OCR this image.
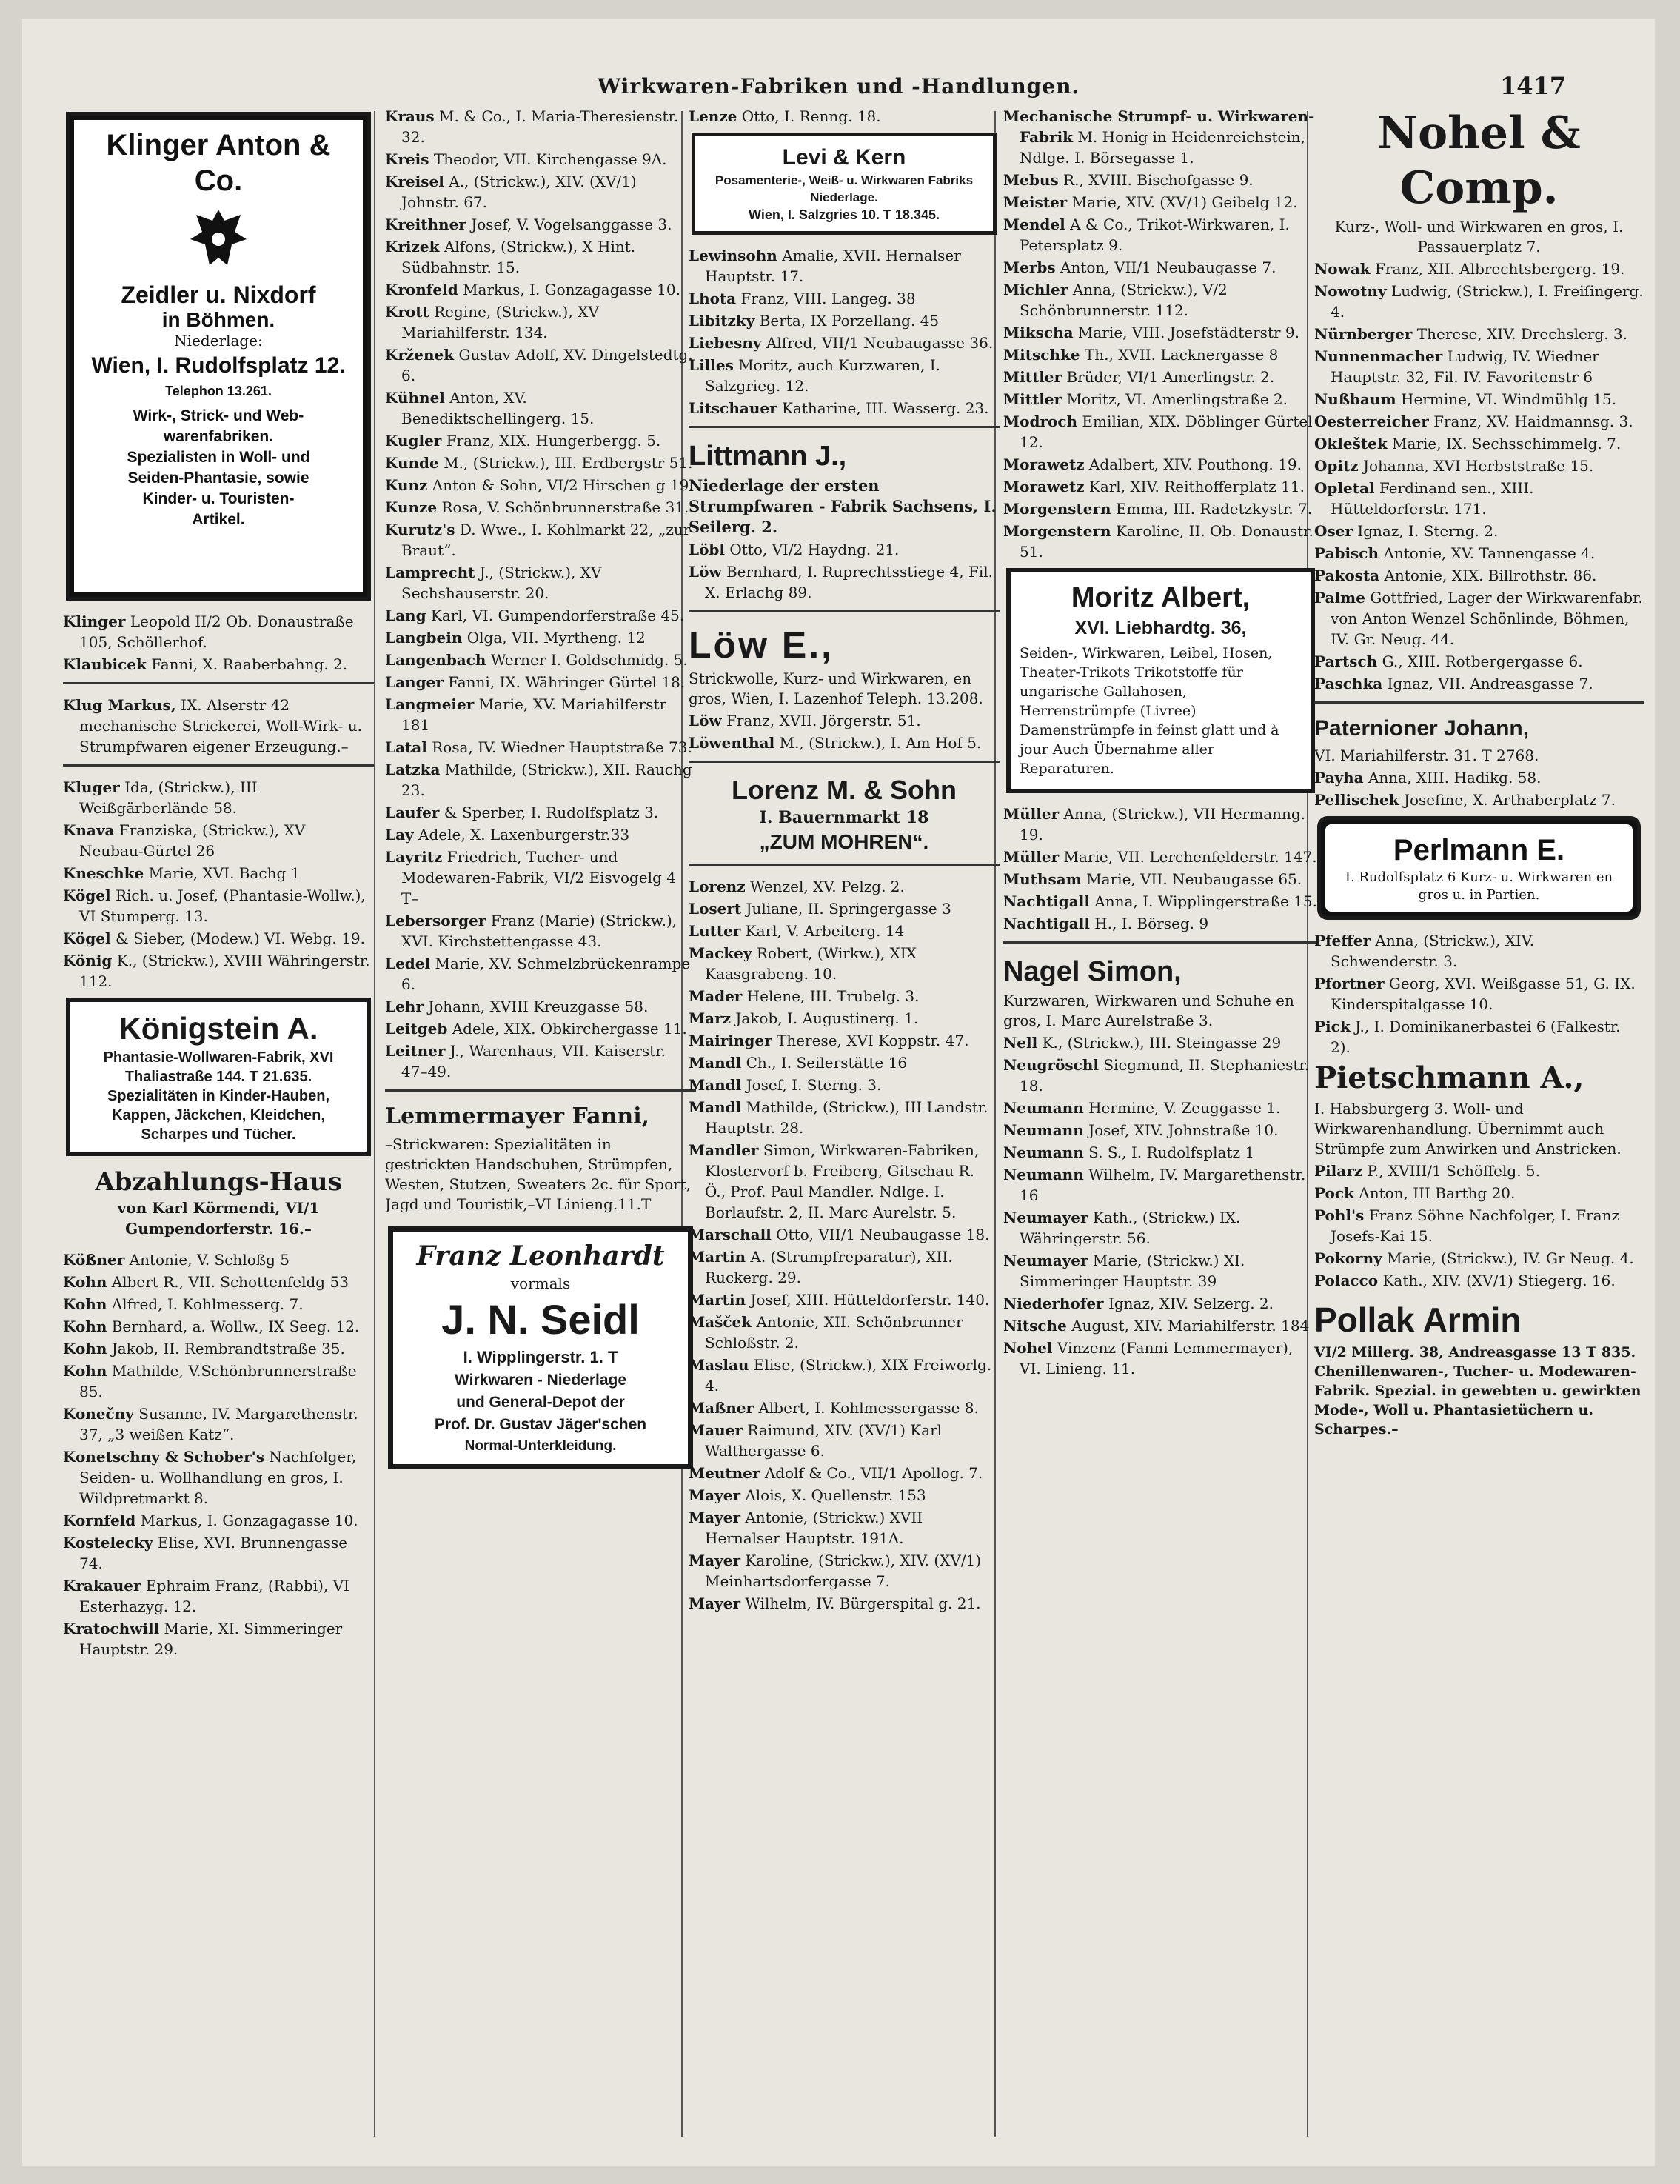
Wirkwaren-Fabriken und -Handlungen.	1417
Klinger Anton & Co.
Zeidler u. Nixdorf
in Böhmen.
Niederlage:
Wien, I. Rudolfsplatz 12.
Telephon 13.261.
Wirk-, Strick- und Web-
warenfabriken.
Spezialisten in Woll- und
Seiden-Phantasie, sowie
Kinder- u. Touristen-
Artikel.

Klinger Leopold II/2 Ob. Donaustraße 105, Schöllerhof.

Klaubicek Fanni, X. Raaberbahng. 2.

Klug Markus, IX. Alserstr 42 mechanische Strickerei, Woll-Wirk- u. Strumpfwaren eigener Erzeugung.–

Kluger Ida, (Strickw.), III Weißgärberlände 58.

Knava Franziska, (Strickw.), XV Neubau-Gürtel 26

Kneschke Marie, XVI. Bachg 1

Kögel Rich. u. Josef, (Phantasie-Wollw.), VI Stumperg. 13.

Kögel & Sieber, (Modew.) VI. Webg. 19.

König K., (Strickw.), XVIII Währingerstr. 112.

Königstein A.
Phantasie-Wollwaren-Fabrik, XVI Thaliastraße 144. T 21.635.
Spezialitäten in Kinder-Hauben, Kappen, Jäckchen, Kleidchen, Scharpes und Tücher.
Abzahlungs-Haus
von Karl Körmendi, VI/1 Gumpendorferstr. 16.–

Kößner Antonie, V. Schloßg 5

Kohn Albert R., VII. Schottenfeldg 53

Kohn Alfred, I. Kohlmesserg. 7.

Kohn Bernhard, a. Wollw., IX Seeg. 12.

Kohn Jakob, II. Rembrandtstraße 35.

Kohn Mathilde, V.Schönbrunnerstraße 85.

Konečny Susanne, IV. Margarethenstr. 37, „3 weißen Katz“.

Konetschny & Schober's Nachfolger, Seiden- u. Wollhandlung en gros, I. Wildpretmarkt 8.

Kornfeld Markus, I. Gonzagagasse 10.

Kostelecky Elise, XVI. Brunnengasse 74.

Krakauer Ephraim Franz, (Rabbi), VI Esterhazyg. 12.

Kratochwill Marie, XI. Simmeringer Hauptstr. 29.

Kraus M. & Co., I. Maria-Theresienstr. 32.

Kreis Theodor, VII. Kirchengasse 9A.

Kreisel A., (Strickw.), XIV. (XV/1) Johnstr. 67.

Kreithner Josef, V. Vogelsanggasse 3.

Krizek Alfons, (Strickw.), X Hint. Südbahnstr. 15.

Kronfeld Markus, I. Gonzagagasse 10.

Krott Regine, (Strickw.), XV Mariahilferstr. 134.

Krženek Gustav Adolf, XV. Dingelstedtg. 6.

Kühnel Anton, XV. Benediktschellingerg. 15.

Kugler Franz, XIX. Hungerbergg. 5.

Kunde M., (Strickw.), III. Erdbergstr 51.

Kunz Anton & Sohn, VI/2 Hirschen g 19.

Kunze Rosa, V. Schönbrunnerstraße 31.

Kurutz's D. Wwe., I. Kohlmarkt 22, „zur Braut“.

Lamprecht J., (Strickw.), XV Sechshauserstr. 20.

Lang Karl, VI. Gumpendorferstraße 45.

Langbein Olga, VII. Myrtheng. 12

Langenbach Werner I. Goldschmidg. 5.

Langer Fanni, IX. Währinger Gürtel 18.

Langmeier Marie, XV. Mariahilferstr 181

Latal Rosa, IV. Wiedner Hauptstraße 73.

Latzka Mathilde, (Strickw.), XII. Rauchg 23.

Laufer & Sperber, I. Rudolfsplatz 3.

Lay Adele, X. Laxenburgerstr.33

Layritz Friedrich, Tucher- und Modewaren-Fabrik, VI/2 Eisvogelg 4 T–

Lebersorger Franz (Marie) (Strickw.), XVI. Kirchstettengasse 43.

Ledel Marie, XV. Schmelzbrückenrampe 6.

Lehr Johann, XVIII Kreuzgasse 58.

Leitgeb Adele, XIX. Obkirchergasse 11.

Leitner J., Warenhaus, VII. Kaiserstr. 47–49.

Lemmermayer Fanni,

–Strickwaren: Spezialitäten in gestrickten Handschuhen, Strümpfen, Westen, Stutzen, Sweaters 2c. für Sport, Jagd und Touristik,–VI Linieng.11.T

Franz Leonhardt
vormals
J. N. Seidl
I. Wipplingerstr. 1. T
Wirkwaren - Niederlage
und General-Depot der
Prof. Dr. Gustav Jäger'schen
Normal-Unterkleidung.

Lenze Otto, I. Renng. 18.

Levi & Kern
Posamenterie-, Weiß- u. Wirkwaren Fabriks Niederlage.
Wien, I. Salzgries 10. T 18.345.

Lewinsohn Amalie, XVII. Hernalser Hauptstr. 17.

Lhota Franz, VIII. Langeg. 38

Libitzky Berta, IX Porzellang. 45

Liebesny Alfred, VII/1 Neubaugasse 36.

Lilles Moritz, auch Kurzwaren, I. Salzgrieg. 12.

Litschauer Katharine, III. Wasserg. 23.

Littmann J.,

Niederlage der ersten Strumpfwaren - Fabrik Sachsens, I. Seilerg. 2.

Löbl Otto, VI/2 Haydng. 21.

Löw Bernhard, I. Ruprechtsstiege 4, Fil. X. Erlachg 89.

Löw E.,

Strickwolle, Kurz- und Wirkwaren, en gros, Wien, I. Lazenhof Teleph. 13.208.

Löw Franz, XVII. Jörgerstr. 51.

Löwenthal M., (Strickw.), I. Am Hof 5.

Lorenz M. & Sohn
I. Bauernmarkt 18
„ZUM MOHREN“.

Lorenz Wenzel, XV. Pelzg. 2.

Losert Juliane, II. Springergasse 3

Lutter Karl, V. Arbeiterg. 14

Mackey Robert, (Wirkw.), XIX Kaasgrabeng. 10.

Mader Helene, III. Trubelg. 3.

Marz Jakob, I. Augustinerg. 1.

Mairinger Therese, XVI Koppstr. 47.

Mandl Ch., I. Seilerstätte 16

Mandl Josef, I. Sterng. 3.

Mandl Mathilde, (Strickw.), III Landstr. Hauptstr. 28.

Mandler Simon, Wirkwaren-Fabriken, Klostervorf b. Freiberg, Gitschau R. Ö., Prof. Paul Mandler. Ndlge. I. Borlaufstr. 2, II. Marc Aurelstr. 5.

Marschall Otto, VII/1 Neubaugasse 18.

Martin A. (Strumpfreparatur), XII. Ruckerg. 29.

Martin Josef, XIII. Hütteldorferstr. 140.

Mašček Antonie, XII. Schönbrunner Schloßstr. 2.

Maslau Elise, (Strickw.), XIX Freiworlg. 4.

Maßner Albert, I. Kohlmessergasse 8.

Mauer Raimund, XIV. (XV/1) Karl Walthergasse 6.

Meutner Adolf & Co., VII/1 Apollog. 7.

Mayer Alois, X. Quellenstr. 153

Mayer Antonie, (Strickw.) XVII Hernalser Hauptstr. 191A.

Mayer Karoline, (Strickw.), XIV. (XV/1) Meinhartsdorfergasse 7.

Mayer Wilhelm, IV. Bürgerspital g. 21.

Mechanische Strumpf- u. Wirkwaren-Fabrik M. Honig in Heidenreichstein, Ndlge. I. Börsegasse 1.

Mebus R., XVIII. Bischofgasse 9.

Meister Marie, XIV. (XV/1) Geibelg 12.

Mendel A & Co., Trikot-Wirkwaren, I. Petersplatz 9.

Merbs Anton, VII/1 Neubaugasse 7.

Michler Anna, (Strickw.), V/2 Schönbrunnerstr. 112.

Mikscha Marie, VIII. Josefstädterstr 9.

Mitschke Th., XVII. Lacknergasse 8

Mittler Brüder, VI/1 Amerlingstr. 2.

Mittler Moritz, VI. Amerlingstraße 2.

Modroch Emilian, XIX. Döblinger Gürtel 12.

Morawetz Adalbert, XIV. Pouthong. 19.

Morawetz Karl, XIV. Reithofferplatz 11.

Morgenstern Emma, III. Radetzkystr. 7.

Morgenstern Karoline, II. Ob. Donaustr. 51.

Moritz Albert,
XVI. Liebhardtg. 36,

Seiden-, Wirkwaren, Leibel, Hosen, Theater-Trikots Trikotstoffe für ungarische Gallahosen, Herrenstrümpfe (Livree) Damenstrümpfe in feinst glatt und à jour Auch Übernahme aller Reparaturen.

Müller Anna, (Strickw.), VII Hermanng. 19.

Müller Marie, VII. Lerchenfelderstr. 147.

Muthsam Marie, VII. Neubaugasse 65.

Nachtigall Anna, I. Wipplingerstraße 15.

Nachtigall H., I. Börseg. 9

Nagel Simon,

Kurzwaren, Wirkwaren und Schuhe en gros, I. Marc Aurelstraße 3.

Nell K., (Strickw.), III. Steingasse 29

Neugröschl Siegmund, II. Stephaniestr. 18.

Neumann Hermine, V. Zeuggasse 1.

Neumann Josef, XIV. Johnstraße 10.

Neumann S. S., I. Rudolfsplatz 1

Neumann Wilhelm, IV. Margarethenstr. 16

Neumayer Kath., (Strickw.) IX. Währingerstr. 56.

Neumayer Marie, (Strickw.) XI. Simmeringer Hauptstr. 39

Niederhofer Ignaz, XIV. Selzerg. 2.

Nitsche August, XIV. Mariahilferstr. 184

Nohel Vinzenz (Fanni Lemmermayer), VI. Linieng. 11.

Nohel & Comp.

Kurz-, Woll- und Wirkwaren en gros, I. Passauerplatz 7.

Nowak Franz, XII. Albrechtsbergerg. 19.

Nowotny Ludwig, (Strickw.), I. Freiſingerg. 4.

Nürnberger Therese, XIV. Drechslerg. 3.

Nunnenmacher Ludwig, IV. Wiedner Hauptstr. 32, Fil. IV. Favoritenstr 6

Nußbaum Hermine, VI. Windmühlg 15.

Oesterreicher Franz, XV. Haidmannsg. 3.

Okleštek Marie, IX. Sechsschimmelg. 7.

Opitz Johanna, XVI Herbststraße 15.

Opletal Ferdinand sen., XIII. Hütteldorferstr. 171.

Oser Ignaz, I. Sterng. 2.

Pabisch Antonie, XV. Tannengasse 4.

Pakosta Antonie, XIX. Billrothstr. 86.

Palme Gottfried, Lager der Wirkwarenfabr. von Anton Wenzel Schönlinde, Böhmen, IV. Gr. Neug. 44.

Partsch G., XIII. Rotbergergasse 6.

Paschka Ignaz, VII. Andreasgasse 7.

Paternioner Johann,

VI. Mariahilferstr. 31. T 2768.

Payha Anna, XIII. Hadikg. 58.

Pellischek Josefine, X. Arthaberplatz 7.

Perlmann E.
I. Rudolfsplatz 6 Kurz- u. Wirkwaren en gros u. in Partien.

Pfeffer Anna, (Strickw.), XIV. Schwenderstr. 3.

Pfortner Georg, XVI. Weißgasse 51, G. IX. Kinderspitalgasse 10.

Pick J., I. Dominikanerbastei 6 (Falkestr. 2).

Pietschmann A.,

I. Habsburgerg 3. Woll- und Wirkwarenhandlung. Übernimmt auch Strümpfe zum Anwirken und Anstricken.

Pilarz P., XVIII/1 Schöffelg. 5.

Pock Anton, III Barthg 20.

Pohl's Franz Söhne Nachfolger, I. Franz Josefs-Kai 15.

Pokorny Marie, (Strickw.), IV. Gr Neug. 4.

Polacco Kath., XIV. (XV/1) Stiegerg. 16.

Pollak Armin

VI/2 Millerg. 38, Andreasgasse 13 T 835. Chenillenwaren-, Tucher- u. Modewaren-Fabrik. Spezial. in gewebten u. gewirkten Mode-, Woll u. Phantasietüchern u. Scharpes.–
